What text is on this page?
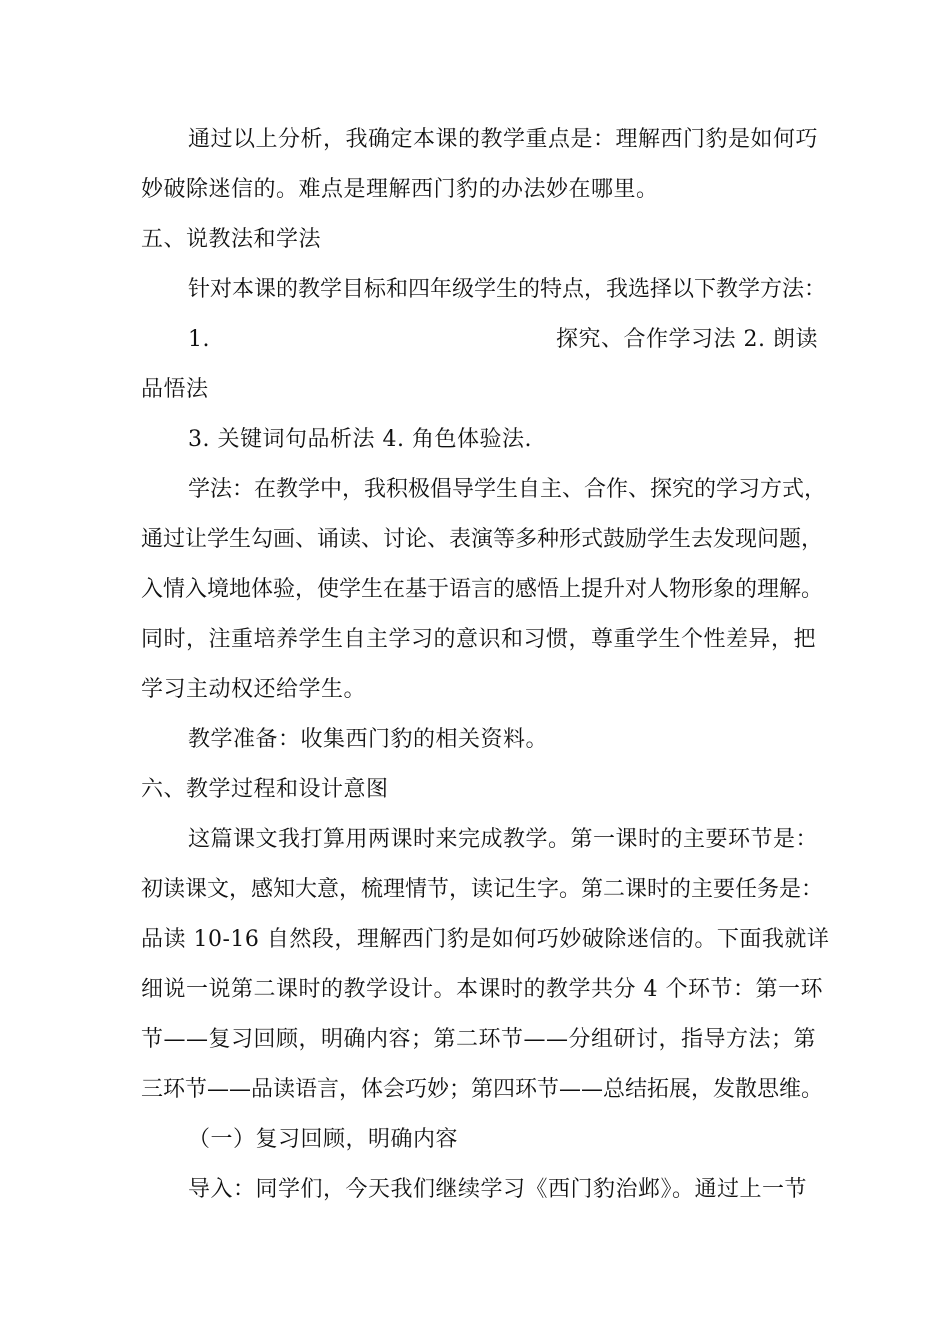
通过以上分析，我确定本课的教学重点是：理解西门豹是如何巧
妙破除迷信的。难点是理解西门豹的办法妙在哪里。
五、说教法和学法
针对本课的教学目标和四年级学生的特点，我选择以下教学方法：
1.	探究、合作学习法 2. 朗读
品悟法
3. 关键词句品析法 4. 角色体验法.
学法：在教学中，我积极倡导学生自主、合作、探究的学习方式，
通过让学生勾画、诵读、讨论、表演等多种形式鼓励学生去发现问题，
入情入境地体验，使学生在基于语言的感悟上提升对人物形象的理解。
同时，注重培养学生自主学习的意识和习惯，尊重学生个性差异，把
学习主动权还给学生。
教学准备：收集西门豹的相关资料。
六、教学过程和设计意图
这篇课文我打算用两课时来完成教学。第一课时的主要环节是：
初读课文，感知大意，梳理情节，读记生字。第二课时的主要任务是：
品读 10-16 自然段，理解西门豹是如何巧妙破除迷信的。下面我就详
细说一说第二课时的教学设计。本课时的教学共分 4 个环节：第一环
节——复习回顾，明确内容；第二环节——分组研讨，指导方法；第
三环节——品读语言，体会巧妙；第四环节——总结拓展，发散思维。
（一）复习回顾，明确内容
导入：同学们，今天我们继续学习《西门豹治邺》。通过上一节
